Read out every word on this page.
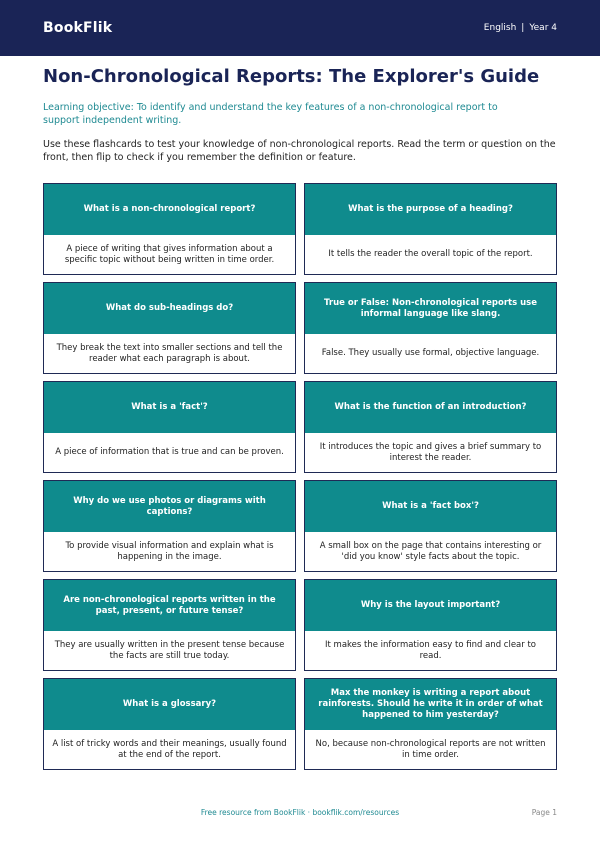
BookFlik	English | Year 4
Non-Chronological Reports: The Explorer's Guide

Learning objective: To identify and understand the key features of a non-chronological report to support independent writing.

Use these flashcards to test your knowledge of non-chronological reports. Read the term or question on the front, then flip to check if you remember the definition or feature.

What is a non-chronological report?
A piece of writing that gives information about a specific topic without being written in time order.
What is the purpose of a heading?
It tells the reader the overall topic of the report.
What do sub-headings do?
They break the text into smaller sections and tell the reader what each paragraph is about.
True or False: Non-chronological reports use informal language like slang.
False. They usually use formal, objective language.
What is a 'fact'?
A piece of information that is true and can be proven.
What is the function of an introduction?
It introduces the topic and gives a brief summary to interest the reader.
Why do we use photos or diagrams with captions?
To provide visual information and explain what is happening in the image.
What is a 'fact box'?
A small box on the page that contains interesting or 'did you know' style facts about the topic.
Are non-chronological reports written in the past, present, or future tense?
They are usually written in the present tense because the facts are still true today.
Why is the layout important?
It makes the information easy to find and clear to read.
What is a glossary?
A list of tricky words and their meanings, usually found at the end of the report.
Max the monkey is writing a report about rainforests. Should he write it in order of what happened to him yesterday?
No, because non-chronological reports are not written in time order.
Free resource from BookFlik · bookflik.com/resources	Page 1
